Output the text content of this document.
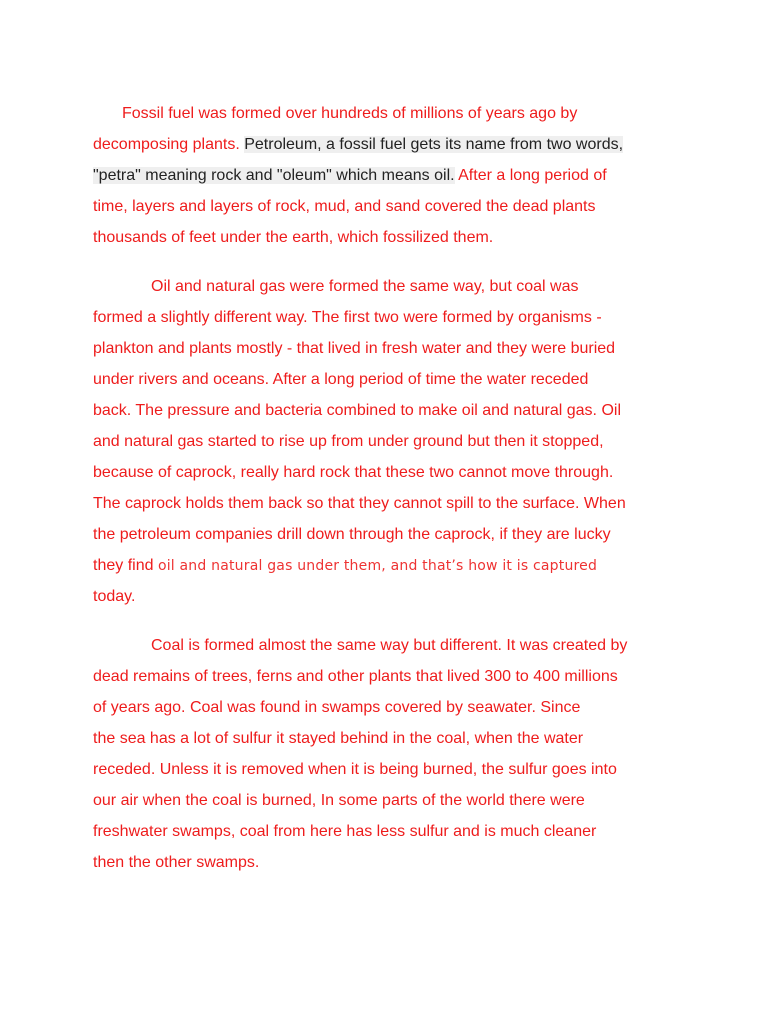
Fossil fuel was formed over hundreds of millions of years ago by
decomposing plants. Petroleum, a fossil fuel gets its name from two words,
"petra" meaning rock and "oleum" which means oil. After a long period of
time, layers and layers of rock, mud, and sand covered the dead plants
thousands of feet under the earth, which fossilized them.
Oil and natural gas were formed the same way, but coal was
formed a slightly different way. The first two were formed by organisms -
plankton and plants mostly - that lived in fresh water and they were buried
under rivers and oceans. After a long period of time the water receded
back. The pressure and bacteria combined to make oil and natural gas. Oil
and natural gas started to rise up from under ground but then it stopped,
because of caprock, really hard rock that these two cannot move through.
The caprock holds them back so that they cannot spill to the surface. When
the petroleum companies drill down through the caprock, if they are lucky
they find oil and natural gas under them, and that’s how it is captured
today.
Coal is formed almost the same way but different. It was created by
dead remains of trees, ferns and other plants that lived 300 to 400 millions
of years ago. Coal was found in swamps covered by seawater. Since
the sea has a lot of sulfur it stayed behind in the coal, when the water
receded. Unless it is removed when it is being burned, the sulfur goes into
our air when the coal is burned, In some parts of the world there were
freshwater swamps, coal from here has less sulfur and is much cleaner
then the other swamps.
